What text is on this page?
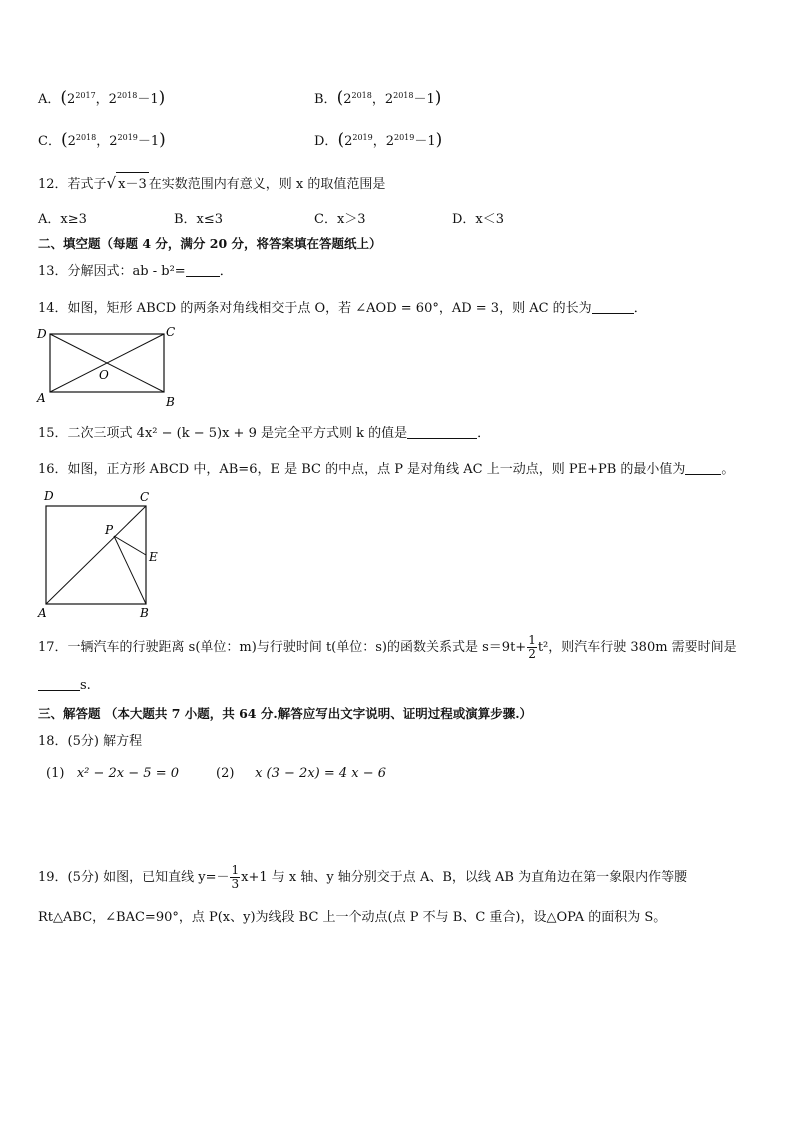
A．($2^{2017}$，$2^{2018}-1$)	B．($2^{2018}$，$2^{2018}-1$)
C．($2^{2018}$，$2^{2019}-1$)	D．($2^{2019}$，$2^{2019}-1$)
12．若式子√ x－3 在实数范围内有意义，则 x 的取值范围是
A．x≥3	B．x≤3	C．x＞3	D．x＜3
二、填空题（每题 4 分，满分 20 分，将答案填在答题纸上）
13．分解因式：ab - b²=	．
14．如图，矩形 ABCD 的两条对角线相交于点 O，若 ∠AOD = 60°，AD = 3，则 AC 的长为	．
D	C
A	B
O
15．二次三项式 4x² − (k − 5)x + 9 是完全平方式则 k 的值是	．
16．如图，正方形 ABCD 中，AB=6，E 是 BC 的中点，点 P 是对角线 AC 上一动点，则 PE+PB 的最小值为	。
D	C
A	B
P
E
17．一辆汽车的行驶距离 s(单位：m)与行驶时间 t(单位：s)的函数关系式是 $s=9t+ \frac{1}{2} t^2$，则汽车行驶 380m 需要时间是
s.
三、解答题 （本大题共 7 小题，共 64 分.解答应写出文字说明、证明过程或演算步骤.）
18．(5分) 解方程
(1) x² − 2x − 5 = 0	(2) x (3 − 2x) = 4 x − 6
19．(5分) 如图，已知直线 $y=- \frac{1}{3} x+1$ 与 x 轴、y 轴分别交于点 A、B，以线 AB 为直角边在第一象限内作等腰
Rt△ABC，∠BAC=90°，点 P(x、y)为线段 BC 上一个动点(点 P 不与 B、C 重合)，设△OPA 的面积为 S。
